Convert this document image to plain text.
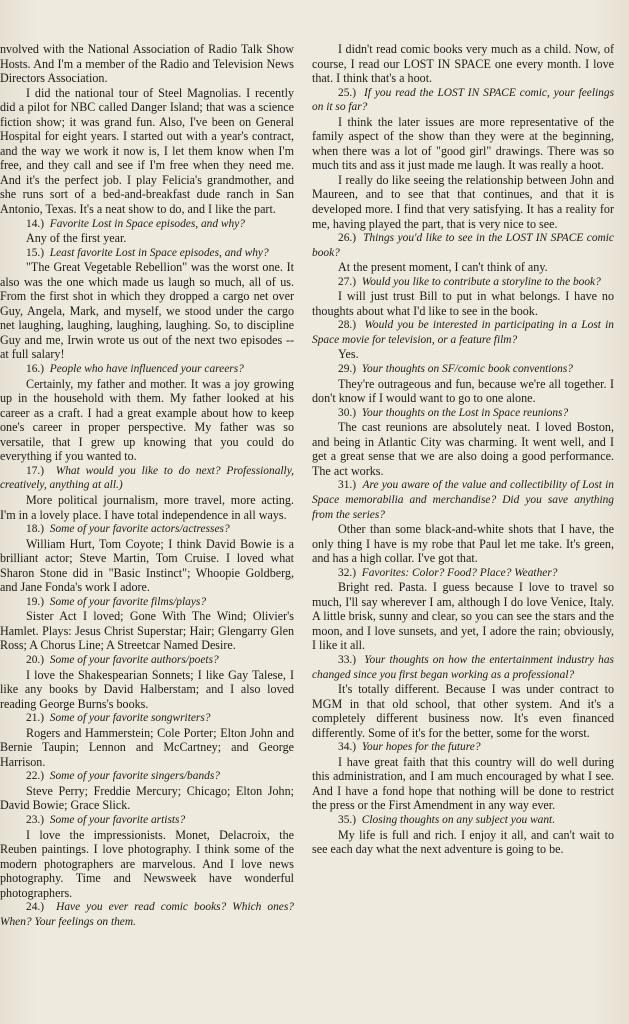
nvolved with the National Association of Radio Talk Show Hosts. And I'm a member of the Radio and Television News Directors Association.

I did the national tour of Steel Magnolias. I recently did a pilot for NBC called Danger Island; that was a science fiction show; it was grand fun. Also, I've been on General Hospital for eight years. I started out with a year's contract, and the way we work it now is, I let them know when I'm free, and they call and see if I'm free when they need me. And it's the perfect job. I play Felicia's grandmother, and she runs sort of a bed-and-breakfast dude ranch in San Antonio, Texas. It's a neat show to do, and I like the part.

14.) Favorite Lost in Space episodes, and why?

Any of the first year.

15.) Least favorite Lost in Space episodes, and why?

"The Great Vegetable Rebellion" was the worst one. It also was the one which made us laugh so much, all of us. From the first shot in which they dropped a cargo net over Guy, Angela, Mark, and myself, we stood under the cargo net laughing, laughing, laughing, laughing. So, to discipline Guy and me, Irwin wrote us out of the next two episodes -- at full salary!

16.) People who have influenced your careers?

Certainly, my father and mother. It was a joy growing up in the household with them. My father looked at his career as a craft. I had a great example about how to keep one's career in proper perspective. My father was so versatile, that I grew up knowing that you could do everything if you wanted to.

17.) What would you like to do next? Professionally, creatively, anything at all.)

More political journalism, more travel, more acting. I'm in a lovely place. I have total independence in all ways.

18.) Some of your favorite actors/actresses?

William Hurt, Tom Coyote; I think David Bowie is a brilliant actor; Steve Martin, Tom Cruise. I loved what Sharon Stone did in "Basic Instinct"; Whoopie Goldberg, and Jane Fonda's work I adore.

19.) Some of your favorite films/plays?

Sister Act I loved; Gone With The Wind; Olivier's Hamlet. Plays: Jesus Christ Superstar; Hair; Glengarry Glen Ross; A Chorus Line; A Streetcar Named Desire.

20.) Some of your favorite authors/poets?

I love the Shakespearian Sonnets; I like Gay Talese, I like any books by David Halberstam; and I also loved reading George Burns's books.

21.) Some of your favorite songwriters?

Rogers and Hammerstein; Cole Porter; Elton John and Bernie Taupin; Lennon and McCartney; and George Harrison.

22.) Some of your favorite singers/bands?

Steve Perry; Freddie Mercury; Chicago; Elton John; David Bowie; Grace Slick.

23.) Some of your favorite artists?

I love the impressionists. Monet, Delacroix, the Reuben paintings. I love photography. I think some of the modern photographers are marvelous. And I love news photography. Time and Newsweek have wonderful photographers.

24.) Have you ever read comic books? Which ones? When? Your feelings on them.

I didn't read comic books very much as a child. Now, of course, I read our LOST IN SPACE one every month. I love that. I think that's a hoot.

25.) If you read the LOST IN SPACE comic, your feelings on it so far?

I think the later issues are more representative of the family aspect of the show than they were at the beginning, when there was a lot of "good girl" drawings. There was so much tits and ass it just made me laugh. It was really a hoot.

I really do like seeing the relationship between John and Maureen, and to see that that continues, and that it is developed more. I find that very satisfying. It has a reality for me, having played the part, that is very nice to see.

26.) Things you'd like to see in the LOST IN SPACE comic book?

At the present moment, I can't think of any.

27.) Would you like to contribute a storyline to the book?

I will just trust Bill to put in what belongs. I have no thoughts about what I'd like to see in the book.

28.) Would you be interested in participating in a Lost in Space movie for television, or a feature film?

Yes.

29.) Your thoughts on SF/comic book conventions?

They're outrageous and fun, because we're all together. I don't know if I would want to go to one alone.

30.) Your thoughts on the Lost in Space reunions?

The cast reunions are absolutely neat. I loved Boston, and being in Atlantic City was charming. It went well, and I get a great sense that we are also doing a good performance. The act works.

31.) Are you aware of the value and collectibility of Lost in Space memorabilia and merchandise? Did you save anything from the series?

Other than some black-and-white shots that I have, the only thing I have is my robe that Paul let me take. It's green, and has a high collar. I've got that.

32.) Favorites: Color? Food? Place? Weather?

Bright red. Pasta. I guess because I love to travel so much, I'll say wherever I am, although I do love Venice, Italy. A little brisk, sunny and clear, so you can see the stars and the moon, and I love sunsets, and yet, I adore the rain; obviously, I like it all.

33.) Your thoughts on how the entertainment industry has changed since you first began working as a professional?

It's totally different. Because I was under contract to MGM in that old school, that other system. And it's a completely different business now. It's even financed differently. Some of it's for the better, some for the worst.

34.) Your hopes for the future?

I have great faith that this country will do well during this administration, and I am much encouraged by what I see. And I have a fond hope that nothing will be done to restrict the press or the First Amendment in any way ever.

35.) Closing thoughts on any subject you want.

My life is full and rich. I enjoy it all, and can't wait to see each day what the next adventure is going to be.
